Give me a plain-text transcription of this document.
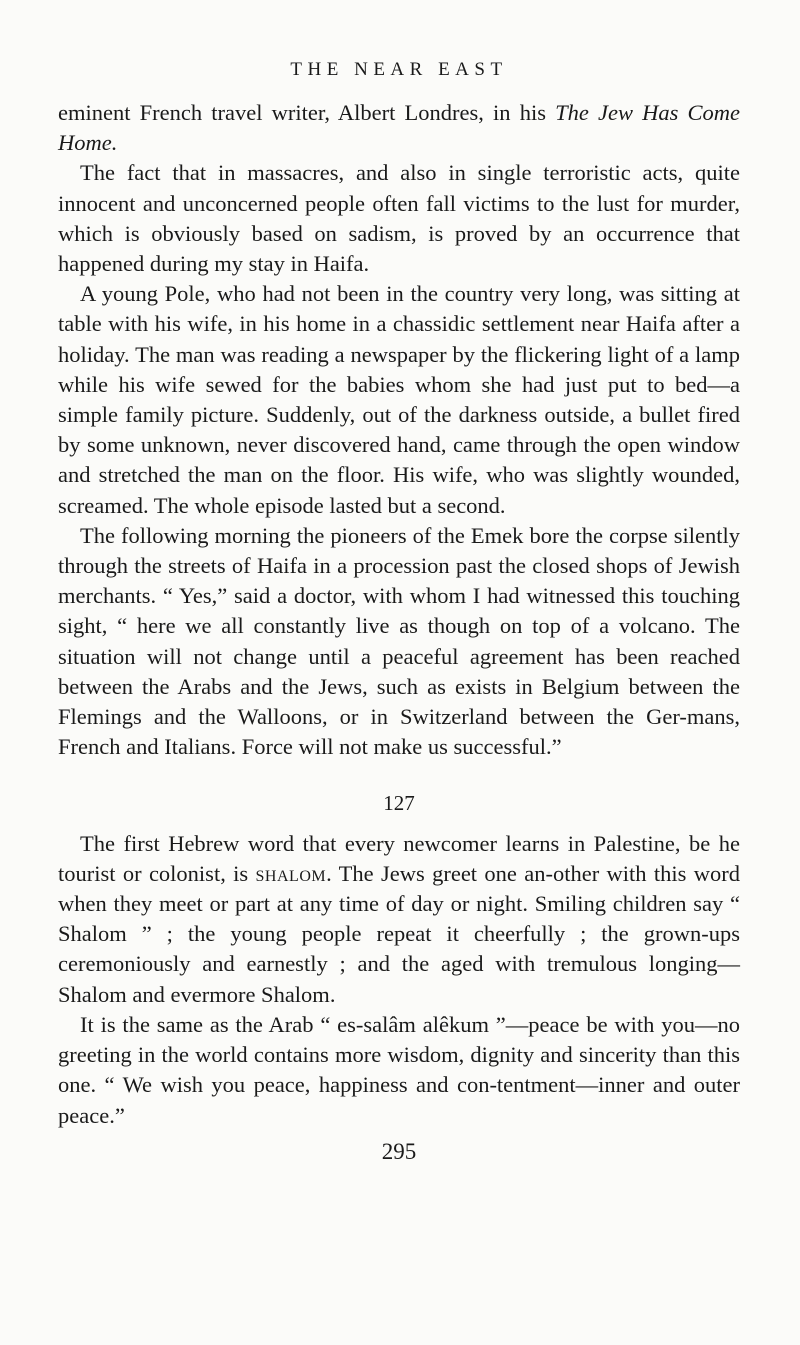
THE NEAR EAST

eminent French travel writer, Albert Londres, in his The Jew Has Come Home.

The fact that in massacres, and also in single terroristic acts, quite innocent and unconcerned people often fall victims to the lust for murder, which is obviously based on sadism, is proved by an occurrence that happened during my stay in Haifa.

A young Pole, who had not been in the country very long, was sitting at table with his wife, in his home in a chassidic settlement near Haifa after a holiday. The man was reading a newspaper by the flickering light of a lamp while his wife sewed for the babies whom she had just put to bed—a simple family picture. Suddenly, out of the darkness outside, a bullet fired by some unknown, never discovered hand, came through the open window and stretched the man on the floor. His wife, who was slightly wounded, screamed. The whole episode lasted but a second.

The following morning the pioneers of the Emek bore the corpse silently through the streets of Haifa in a procession past the closed shops of Jewish merchants. “ Yes,” said a doctor, with whom I had witnessed this touching sight, “ here we all constantly live as though on top of a volcano. The situation will not change until a peaceful agreement has been reached between the Arabs and the Jews, such as exists in Belgium between the Flemings and the Walloons, or in Switzerland between the Ger-mans, French and Italians. Force will not make us successful.”

127

The first Hebrew word that every newcomer learns in Palestine, be he tourist or colonist, is shalom. The Jews greet one an-other with this word when they meet or part at any time of day or night. Smiling children say “ Shalom ” ; the young people repeat it cheerfully ; the grown-ups ceremoniously and earnestly ; and the aged with tremulous longing—Shalom and evermore Shalom.

It is the same as the Arab “ es-salâm alêkum ”—peace be with you—no greeting in the world contains more wisdom, dignity and sincerity than this one. “ We wish you peace, happiness and con-tentment—inner and outer peace.”

295
